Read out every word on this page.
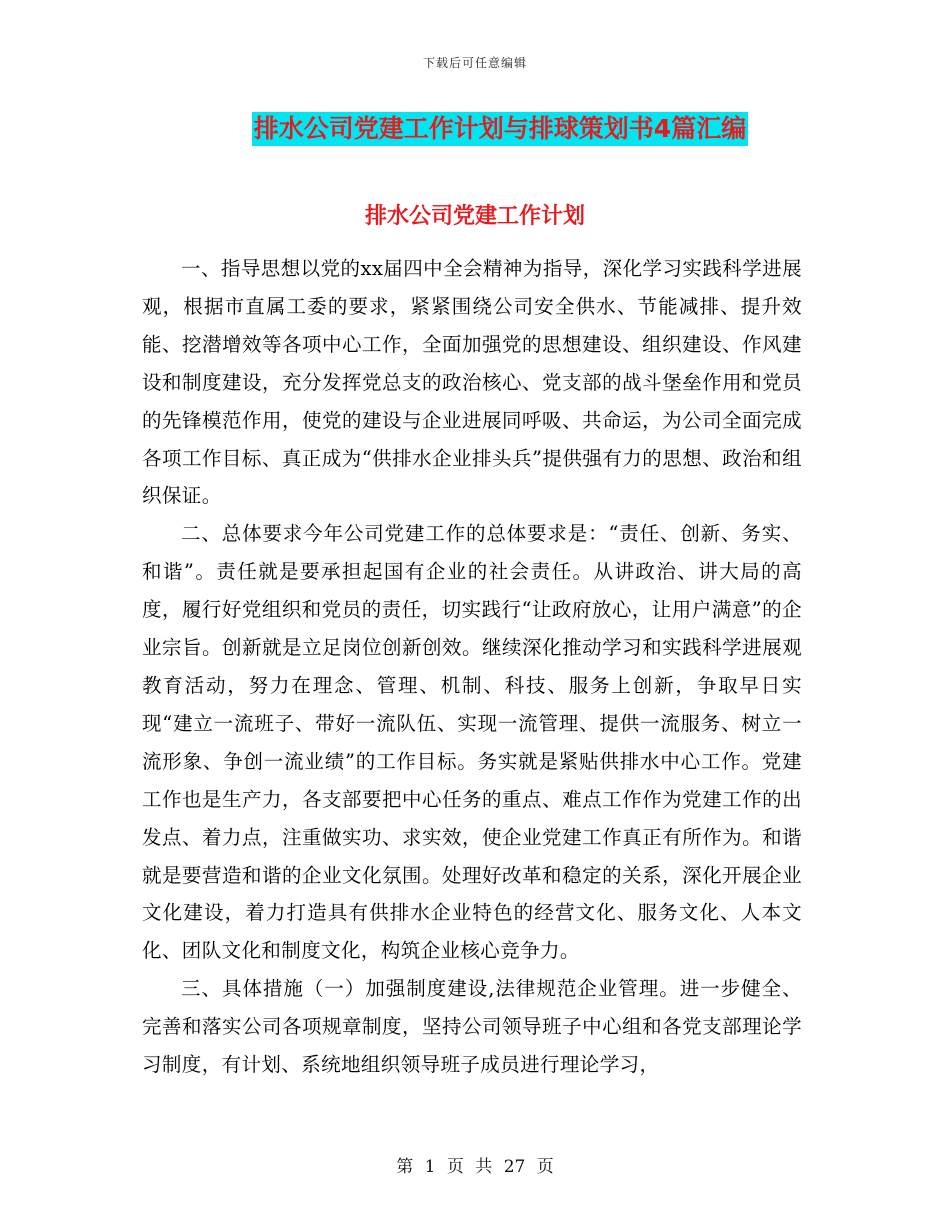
下载后可任意编辑
排水公司党建工作计划与排球策划书4篇汇编
排水公司党建工作计划

一、指导思想以党的xx届四中全会精神为指导，深化学习实践科学进展观，根据市直属工委的要求，紧紧围绕公司安全供水、节能减排、提升效能、挖潜增效等各项中心工作，全面加强党的思想建设、组织建设、作风建设和制度建设，充分发挥党总支的政治核心、党支部的战斗堡垒作用和党员的先锋模范作用，使党的建设与企业进展同呼吸、共命运，为公司全面完成各项工作目标、真正成为“供排水企业排头兵”提供强有力的思想、政治和组织保证。

二、总体要求今年公司党建工作的总体要求是：“责任、创新、务实、和谐”。责任就是要承担起国有企业的社会责任。从讲政治、讲大局的高度，履行好党组织和党员的责任，切实践行“让政府放心，让用户满意”的企业宗旨。创新就是立足岗位创新创效。继续深化推动学习和实践科学进展观教育活动，努力在理念、管理、机制、科技、服务上创新，争取早日实现“建立一流班子、带好一流队伍、实现一流管理、提供一流服务、树立一流形象、争创一流业绩”的工作目标。务实就是紧贴供排水中心工作。党建工作也是生产力，各支部要把中心任务的重点、难点工作作为党建工作的出发点、着力点，注重做实功、求实效，使企业党建工作真正有所作为。和谐就是要营造和谐的企业文化氛围。处理好改革和稳定的关系，深化开展企业文化建设，着力打造具有供排水企业特色的经营文化、服务文化、人本文化、团队文化和制度文化，构筑企业核心竞争力。

三、具体措施（一）加强制度建设,法律规范企业管理。进一步健全、完善和落实公司各项规章制度，坚持公司领导班子中心组和各党支部理论学习制度，有计划、系统地组织领导班子成员进行理论学习，

第 1 页 共 27 页
